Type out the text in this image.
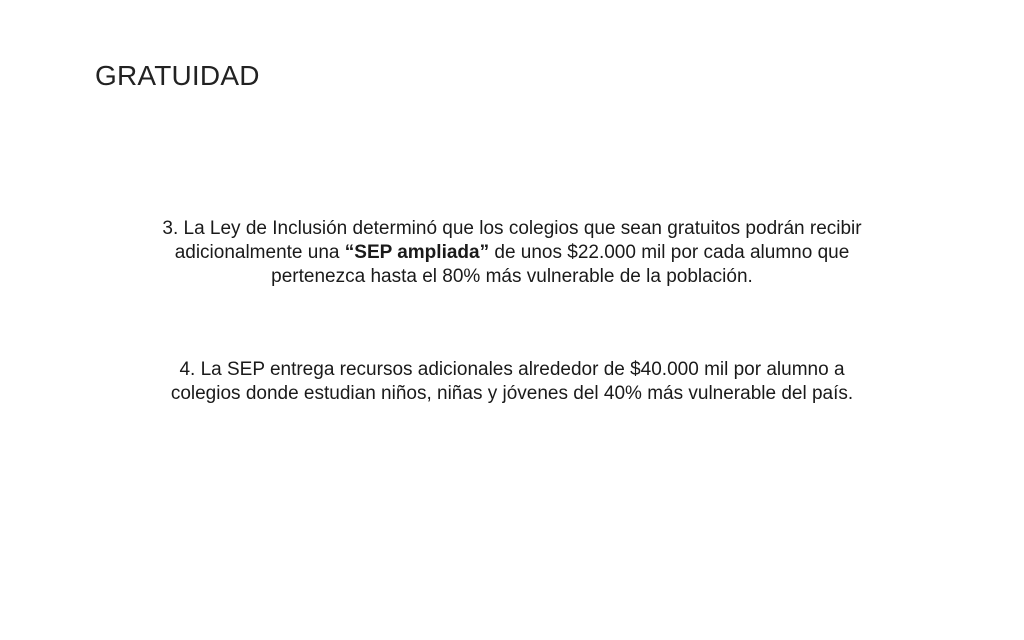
GRATUIDAD

3. La Ley de Inclusión determinó que los colegios que sean gratuitos podrán recibir adicionalmente una “SEP ampliada” de unos $22.000 mil por cada alumno que pertenezca hasta el 80% más vulnerable de la población.

4. La SEP entrega recursos adicionales alrededor de $40.000 mil por alumno a colegios donde estudian niños, niñas y jóvenes del 40% más vulnerable del país.
